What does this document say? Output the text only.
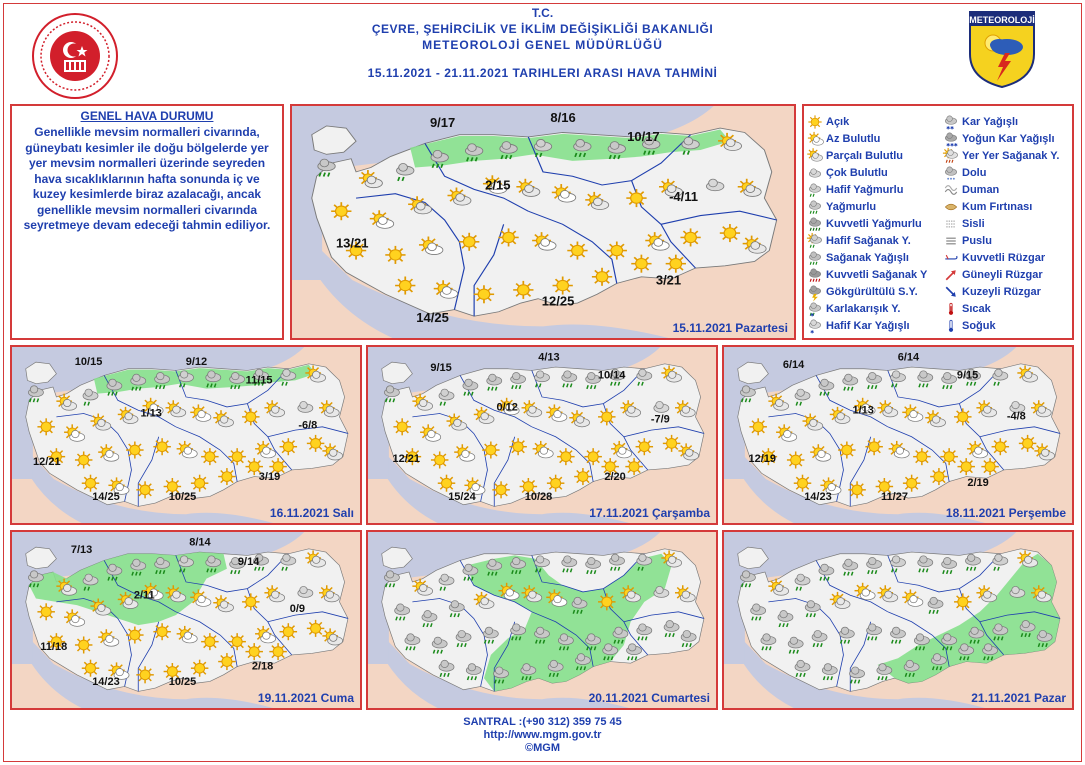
T.C.
ÇEVRE, ŞEHİRCİLİK VE İKLİM DEĞİŞİKLİĞİ BAKANLIĞI
METEOROLOJİ GENEL MÜDÜRLÜĞÜ
15.11.2021 - 21.11.2021 TARIHLERI ARASI HAVA TAHMİNİ
METEOROLOJİ
GENEL HAVA DURUMU
Genellikle mevsim normalleri civarında, güneybatı kesimler ile doğu bölgelerde yer yer mevsim normalleri üzerinde seyreden hava sıcaklıklarının hafta sonunda iç ve kuzey kesimlerde biraz azalacağı, ancak genellikle mevsim normalleri civarında seyretmeye devam edeceği tahmin ediliyor.
Açık
Az Bulutlu
Parçalı Bulutlu
Çok Bulutlu
Hafif Yağmurlu
Yağmurlu
Kuvvetli Yağmurlu
Hafif Sağanak Y.
Sağanak Yağışlı
Kuvvetli Sağanak Y
Gökgürültülü S.Y.
✱
Karlakarışık Y.
✱
Hafif Kar Yağışlı
✱ ✱
Kar Yağışlı
✱ ✱ ✱
Yoğun Kar Yağışlı
Yer Yer Sağanak Y.
Dolu
Duman
Kum Fırtınası
Sisli
Puslu
Kuvvetli Rüzgar
Güneyli Rüzgar
Kuzeyli Rüzgar
Sıcak
Soğuk
9/17	8/16
10/17
2/15
-4/11
13/21
3/21
12/25
14/25
15.11.2021 Pazartesi
10/15	9/12
11/15
1/13
-6/8
12/21
3/19
10/25
14/25
16.11.2021 Salı
9/15
4/13
10/14
0/12
-7/9
12/21
2/20
10/28
15/24
17.11.2021 Çarşamba
6/14
6/14
9/15
1/13
-4/8
12/19
2/19
11/27
14/23
18.11.2021 Perşembe
7/13
8/14
9/14
2/11
0/9
11/18
2/18
10/25
14/23
19.11.2021 Cuma	20.11.2021 Cumartesi	21.11.2021 Pazar
SANTRAL :(+90 312) 359 75 45
http://www.mgm.gov.tr
©MGM
